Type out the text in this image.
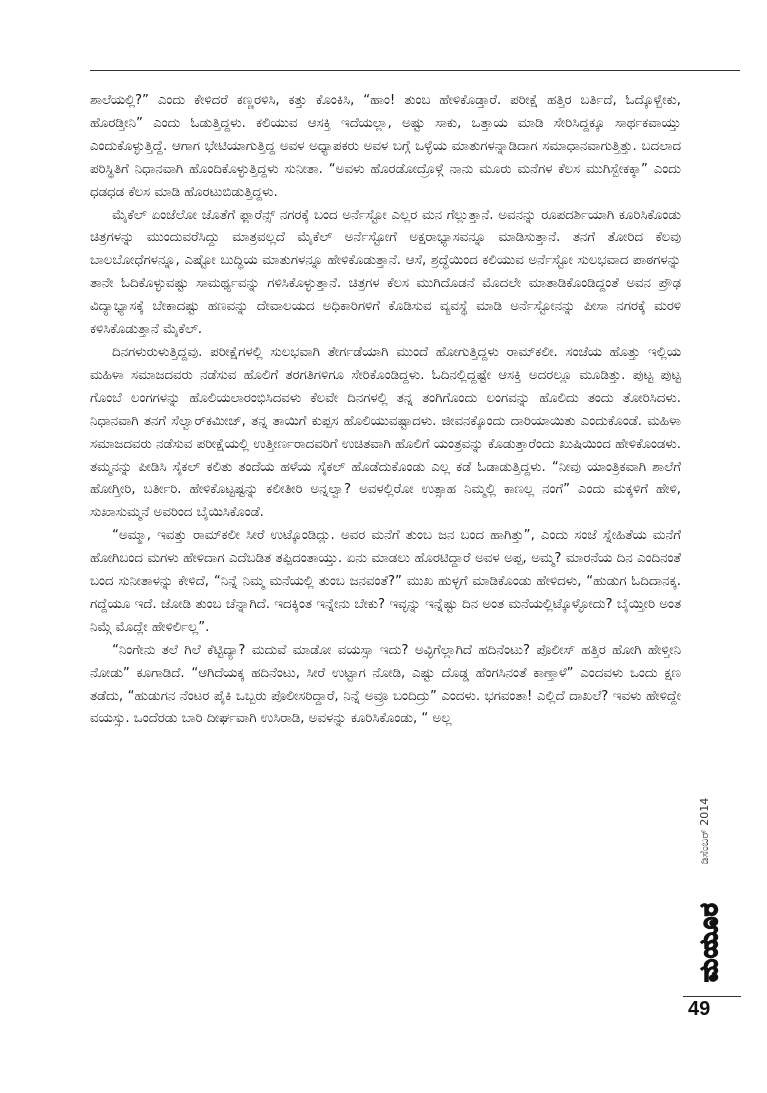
ಶಾಲೆಯಲ್ಲಿ?” ಎಂದು ಕೇಳಿದರೆ ಕಣ್ಣರಳಿಸಿ, ಕತ್ತು ಕೊಂಕಿಸಿ, “ಹಾಂ! ತುಂಬ ಹೇಳಿಕೊಡ್ತಾರೆ. ಪರೀಕ್ಷೆ ಹತ್ತಿರ ಬರ್ತಿದೆ, ಓದ್ಕೊಳ್ಬೇಕು, ಹೊರಡ್ತೀನಿ” ಎಂದು ಓಡುತ್ತಿದ್ದಳು. ಕಲಿಯುವ ಆಸಕ್ತಿ ಇದೆಯಲ್ಲಾ, ಅಷ್ಟು ಸಾಕು, ಒತ್ತಾಯ ಮಾಡಿ ಸೇರಿಸಿದ್ದಕ್ಕೂ ಸಾರ್ಥಕವಾಯ್ತು ಎಂದುಕೊಳ್ಳುತ್ತಿದ್ದೆ. ಆಗಾಗ ಭೇಟಿಯಾಗುತ್ತಿದ್ದ ಅವಳ ಅಧ್ಯಾಪಕರು ಅವಳ ಬಗ್ಗೆ ಒಳ್ಳೆಯ ಮಾತುಗಳನ್ನಾಡಿದಾಗ ಸಮಾಧಾನವಾಗುತ್ತಿತ್ತು. ಬದಲಾದ ಪರಿಸ್ಥಿತಿಗೆ ನಿಧಾನವಾಗಿ ಹೊಂದಿಕೊಳ್ಳುತ್ತಿದ್ದಳು ಸುನೀತಾ. “ಅವಳು ಹೊರಡೋದ್ರೊಳ್ಗೆ ನಾನು ಮೂರು ಮನೆಗಳ ಕೆಲಸ ಮುಗಿಸ್ಬೇಕಕ್ಕಾ” ಎಂದು ಧಡಧಡ ಕೆಲಸ ಮಾಡಿ ಹೊರಟುಬಿಡುತ್ತಿದ್ದಳು.

ಮೈಕೆಲ್ ಏಂಜೆಲೋ ಜೊತೆಗೆ ಫ್ಲಾರೆನ್ಸ್ ನಗರಕ್ಕೆ ಬಂದ ಅರ್ನೆಸ್ಟೋ ಎಲ್ಲರ ಮನ ಗೆಲ್ಲುತ್ತಾನೆ. ಅವನನ್ನು ರೂಪದರ್ಶಿಯಾಗಿ ಕೂರಿಸಿಕೊಂಡು ಚಿತ್ರಗಳನ್ನು ಮುಂದುವರೆಸಿದ್ದು ಮಾತ್ರವಲ್ಲದೆ ಮೈಕೆಲ್ ಅರ್ನೆಸ್ಟೋಗೆ ಅಕ್ಷರಾಭ್ಯಾಸವನ್ನೂ ಮಾಡಿಸುತ್ತಾನೆ. ತನಗೆ ತೋರಿದ ಕೆಲವು ಬಾಲಬೋಧೆಗಳನ್ನೂ, ಎಷ್ಟೋ ಬುದ್ಧಿಯ ಮಾತುಗಳನ್ನೂ ಹೇಳಿಕೊಡುತ್ತಾನೆ. ಆಸೆ, ಶ್ರದ್ಧೆಯಿಂದ ಕಲಿಯುವ ಅರ್ನೆಸ್ಟೋ ಸುಲಭವಾದ ಪಾಠಗಳನ್ನು ತಾನೇ ಓದಿಕೊಳ್ಳುವಷ್ಟು ಸಾಮರ್ಥ್ಯವನ್ನು ಗಳಿಸಿಕೊಳ್ಳುತ್ತಾನೆ. ಚಿತ್ರಗಳ ಕೆಲಸ ಮುಗಿದೊಡನೆ ಮೊದಲೇ ಮಾತಾಡಿಕೊಂಡಿದ್ದಂತೆ ಅವನ ಪ್ರೌಢ ವಿದ್ಯಾಭ್ಯಾಸಕ್ಕೆ ಬೇಕಾದಷ್ಟು ಹಣವನ್ನು ದೇವಾಲಯದ ಅಧಿಕಾರಿಗಳಿಗೆ ಕೊಡಿಸುವ ವ್ಯವಸ್ಥೆ ಮಾಡಿ ಅರ್ನೆಸ್ಟೋನನ್ನು ಪೀಸಾ ನಗರಕ್ಕೆ ಮರಳಿ ಕಳಿಸಿಕೊಡುತ್ತಾನೆ ಮೈಕೆಲ್.

ದಿನಗಳುರುಳುತ್ತಿದ್ದವು. ಪರೀಕ್ಷೆಗಳಲ್ಲಿ ಸುಲಭವಾಗಿ ತೇರ್ಗಡೆಯಾಗಿ ಮುಂದೆ ಹೋಗುತ್ತಿದ್ದಳು ರಾಮ್‌ಕಲೀ. ಸಂಜೆಯ ಹೊತ್ತು ಇಲ್ಲಿಯ ಮಹಿಳಾ ಸಮಾಜದವರು ನಡೆಸುವ ಹೊಲಿಗೆ ತರಗತಿಗಳಿಗೂ ಸೇರಿಕೊಂಡಿದ್ದಳು. ಓದಿನಲ್ಲಿದ್ದಷ್ಟೇ ಆಸಕ್ತಿ ಅದರಲ್ಲೂ ಮೂಡಿತ್ತು. ಪುಟ್ಟ ಪುಟ್ಟ ಗೊಂಬೆ ಲಂಗಗಳನ್ನು ಹೊಲಿಯಲಾರಂಭಿಸಿದವಳು ಕೆಲವೇ ದಿನಗಳಲ್ಲಿ ತನ್ನ ತಂಗಿಗೊಂದು ಲಂಗವನ್ನು ಹೊಲಿದು ತಂದು ತೋರಿಸಿದಳು. ನಿಧಾನವಾಗಿ ತನಗೆ ಸೆಲ್ವಾರ್‌ಕಮೀಜ್, ತನ್ನ ತಾಯಿಗೆ ಕುಪ್ಪಸ ಹೊಲಿಯುವಷ್ಟಾದಳು. ಜೀವನಕ್ಕೊಂದು ದಾರಿಯಾಯಿತು ಎಂದುಕೊಂಡೆ. ಮಹಿಳಾ ಸಮಾಜದವರು ನಡೆಸುವ ಪರೀಕ್ಷೆಯಲ್ಲಿ ಉತ್ತೀರ್ಣರಾದವರಿಗೆ ಉಚಿತವಾಗಿ ಹೊಲಿಗೆ ಯಂತ್ರವನ್ನು ಕೊಡುತ್ತಾರೆಂದು ಖುಷಿಯಿಂದ ಹೇಳಿಕೊಂಡಳು. ತಮ್ಮನನ್ನು ಪೀಡಿಸಿ ಸೈಕಲ್ ಕಲಿತು ತಂದೆಯ ಹಳೆಯ ಸೈಕಲ್ ಹೊಡೆದುಕೊಂಡು ಎಲ್ಲ ಕಡೆ ಓಡಾಡುತ್ತಿದ್ದಳು. “ನೀವು ಯಾಂತ್ರಿಕವಾಗಿ ಶಾಲೆಗೆ ಹೋಗ್ತೀರಿ, ಬರ್ತೀರಿ. ಹೇಳಿಕೊಟ್ಟಷ್ಟನ್ನು ಕಲೀತೀರಿ ಅನ್ನಲ್ವಾ? ಅವಳಲ್ಲಿರೋ ಉತ್ಸಾಹ ನಿಮ್ಮಲ್ಲಿ ಕಾಣಲ್ಲ ನಂಗೆ” ಎಂದು ಮಕ್ಕಳಿಗೆ ಹೇಳಿ, ಸುಖಾಸುಮ್ಮನೆ ಅವರಿಂದ ಬೈಯಿಸಿಕೊಂಡೆ.

“ಅಮ್ಮಾ, ಇವತ್ತು ರಾಮ್‌ಕಲೀ ಸೀರೆ ಉಟ್ಕೊಂಡಿದ್ಲು. ಅವರ ಮನೆಗೆ ತುಂಬ ಜನ ಬಂದ ಹಾಗಿತ್ತು”, ಎಂದು ಸಂಜೆ ಸ್ನೇಹಿತೆಯ ಮನೆಗೆ ಹೋಗಿಬಂದ ಮಗಳು ಹೇಳಿದಾಗ ಎದೆಬಡಿತ ತಪ್ಪಿದಂತಾಯ್ತು. ಏನು ಮಾಡಲು ಹೊರಟಿದ್ದಾರೆ ಅವಳ ಅಪ್ಪ, ಅಮ್ಮ? ಮಾರನೆಯ ದಿನ ಎಂದಿನಂತೆ ಬಂದ ಸುನೀತಾಳನ್ನು ಕೇಳಿದೆ, “ನಿನ್ನೆ ನಿಮ್ಮ ಮನೆಯಲ್ಲಿ ತುಂಬ ಜನವಂತೆ?” ಮುಖ ಹುಳ್ಳಗೆ ಮಾಡಿಕೊಂಡು ಹೇಳಿದಳು, “ಹುಡುಗ ಓದಿದಾನಕ್ಕ. ಗದ್ದೆಯೂ ಇದೆ. ಜೋಡಿ ತುಂಬ ಚೆನ್ನಾಗಿದೆ. ಇದಕ್ಕಿಂತ ಇನ್ನೇನು ಬೇಕು? ಇವ್ಳನ್ನು ಇನ್ನೆಷ್ಟು ದಿನ ಅಂತ ಮನೆಯಲ್ಲಿಟ್ಕೊಳ್ಳೋದು? ಬೈಯ್ತೀರಿ ಅಂತ ನಿಮ್ಗೆ ಮೊದ್ಲೇ ಹೇಳಿರ್ಲಿಲ್ಲ”.

“ನಿಂಗೇನು ತಲೆ ಗಿಲೆ ಕೆಟ್ಟಿದ್ಯಾ? ಮದುವೆ ಮಾಡೋ ವಯಸ್ಸಾ ಇದು? ಅವ್ಳಿಗೆಲ್ಲಾಗಿದೆ ಹದಿನೆಂಟು? ಪೊಲೀಸ್ ಹತ್ತಿರ ಹೋಗಿ ಹೇಳ್ತೀನಿ ನೋಡು” ಕೂಗಾಡಿದೆ. “ಆಗಿದೆಯಕ್ಕ ಹದಿನೆಂಟು, ಸೀರೆ ಉಟ್ಟಾಗ ನೋಡಿ, ಎಷ್ಟು ದೊಡ್ಡ ಹೆಂಗಸಿನಂತೆ ಕಾಣ್ತಾಳೆ” ಎಂದವಳು ಒಂದು ಕ್ಷಣ ತಡೆದು, “ಹುಡುಗನ ನೆಂಟರ ಪೈಕಿ ಒಬ್ಬರು ಪೊಲೀಸರಿದ್ದಾರೆ, ನಿನ್ನೆ ಅವ್ರೂ ಬಂದಿದ್ರು” ಎಂದಳು. ಭಗವಂತಾ! ಎಲ್ಲಿದೆ ದಾಖಲೆ? ಇವಳು ಹೇಳಿದ್ದೇ ವಯಸ್ಸು. ಒಂದೆರಡು ಬಾರಿ ದೀರ್ಘವಾಗಿ ಉಸಿರಾಡಿ, ಅವಳನ್ನು ಕೂರಿಸಿಕೊಂಡು, “ ಅಲ್ಲ

ಡಿಸೆಂಬರ್ 2014
ಮಯೂರ
49
